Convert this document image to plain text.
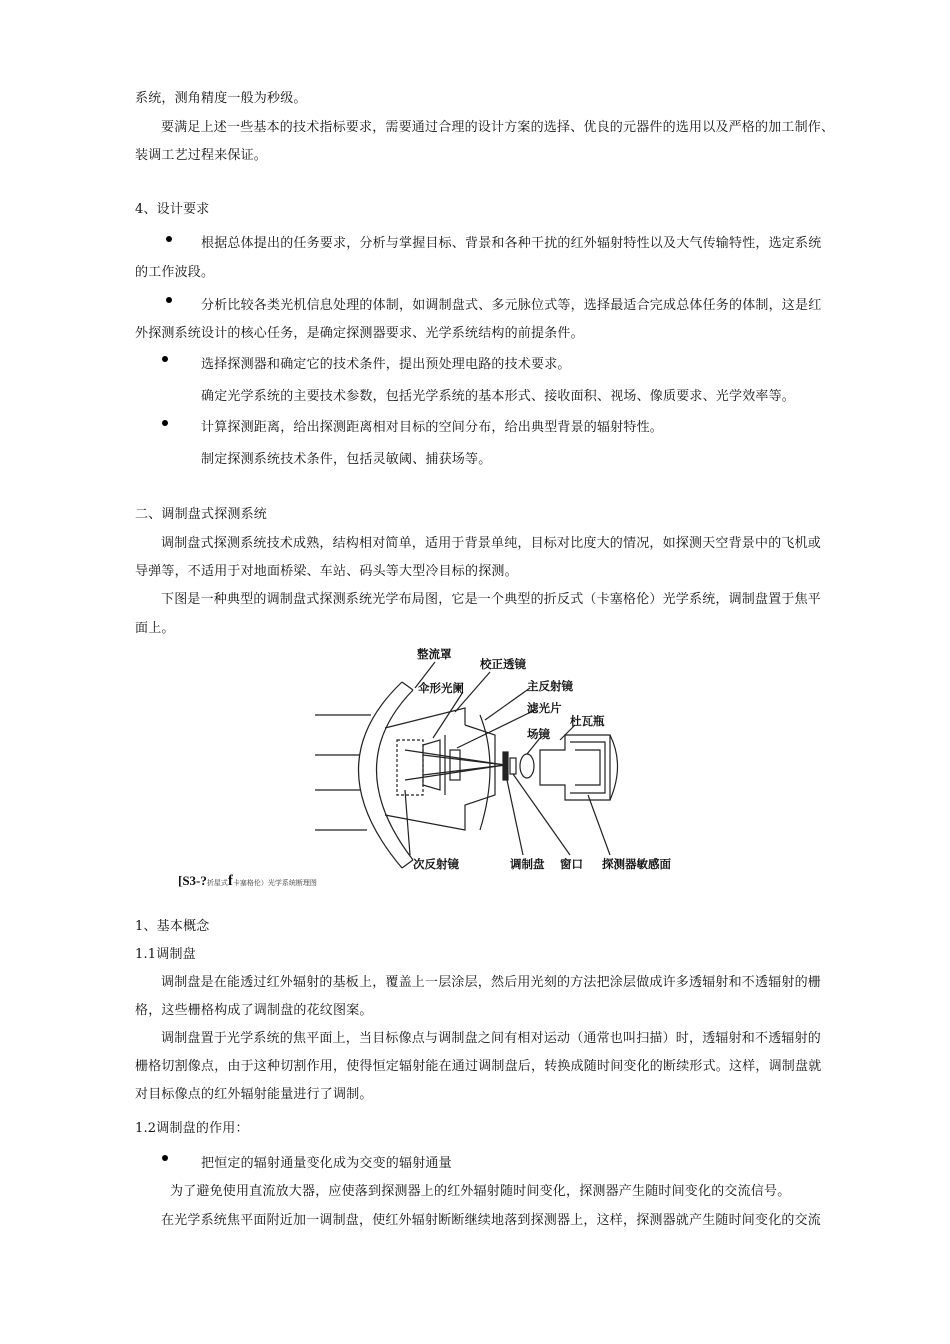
系统，测角精度一般为秒级。
要满足上述一些基本的技术指标要求，需要通过合理的设计方案的选择、优良的元器件的选用以及严格的加工制作、
装调工艺过程来保证。
4、设计要求
根据总体提出的任务要求，分析与掌握目标、背景和各种干扰的红外辐射特性以及大气传输特性，选定系统
的工作波段。
分析比较各类光机信息处理的体制，如调制盘式、多元脉位式等，选择最适合完成总体任务的体制，这是红
外探测系统设计的核心任务，是确定探测器要求、光学系统结构的前提条件。
选择探测器和确定它的技术条件，提出预处理电路的技术要求。
确定光学系统的主要技术参数，包括光学系统的基本形式、接收面积、视场、像质要求、光学效率等。
计算探测距离，给出探测距离相对目标的空间分布，给出典型背景的辐射特性。
制定探测系统技术条件，包括灵敏阈、捕获场等。
二、调制盘式探测系统
调制盘式探测系统技术成熟，结构相对简单，适用于背景单纯，目标对比度大的情况，如探测天空背景中的飞机或
导弹等，不适用于对地面桥梁、车站、码头等大型冷目标的探测。
下图是一种典型的调制盘式探测系统光学布局图，它是一个典型的折反式（卡塞格伦）光学系统，调制盘置于焦平
面上。
整流罩
校正透镜
伞形光阑	主反射镜
滤光片
场镜
杜瓦瓶
次反射镜	调制盘 窗口 探测器敏感面
[S3-?折屋式f卡塞格伦）光学系统断理图
1、基本概念
1.1调制盘
调制盘是在能透过红外辐射的基板上，覆盖上一层涂层，然后用光刻的方法把涂层做成许多透辐射和不透辐射的栅
格，这些栅格构成了调制盘的花纹图案。
调制盘置于光学系统的焦平面上，当目标像点与调制盘之间有相对运动（通常也叫扫描）时，透辐射和不透辐射的
栅格切割像点，由于这种切割作用，使得恒定辐射能在通过调制盘后，转换成随时间变化的断续形式。这样，调制盘就
对目标像点的红外辐射能量进行了调制。
1.2调制盘的作用：
把恒定的辐射通量变化成为交变的辐射通量
为了避免使用直流放大器，应使落到探测器上的红外辐射随时间变化，探测器产生随时间变化的交流信号。
在光学系统焦平面附近加一调制盘，使红外辐射断断继续地落到探测器上，这样，探测器就产生随时间变化的交流
